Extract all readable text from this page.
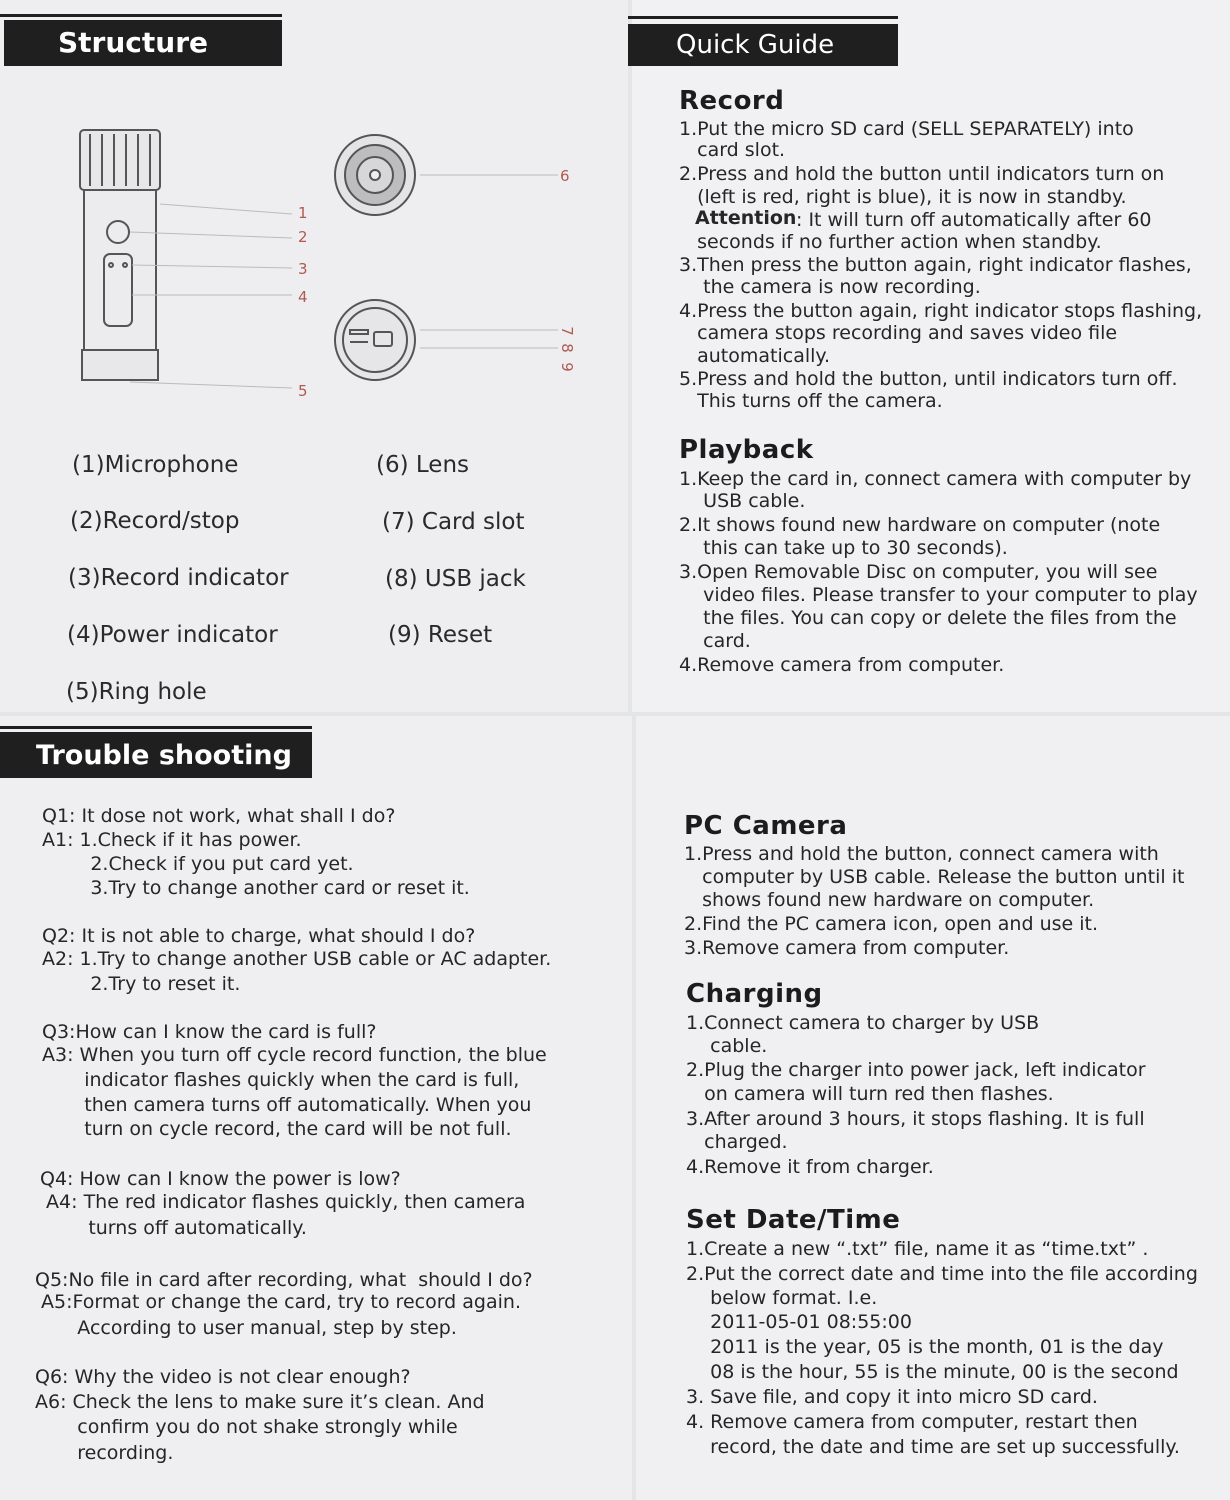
Structure
1
2
3
4
5
6
7
8
9
(1)Microphone
(2)Record/stop
(3)Record indicator
(4)Power indicator
(5)Ring hole
(6) Lens
(7) Card slot
(8) USB jack
(9) Reset
Quick Guide
Record
1.Put the micro SD card (SELL SEPARATELY) into
card slot.
2.Press and hold the button until indicators turn on
(left is red, right is blue), it is now in standby.
Attention : It will turn off automatically after 60
seconds if no further action when standby.
3.Then press the button again, right indicator flashes,
the camera is now recording.
4.Press the button again, right indicator stops flashing,
camera stops recording and saves video file
automatically.
5.Press and hold the button, until indicators turn off.
This turns off the camera.
Playback
1.Keep the card in, connect camera with computer by
USB cable.
2.It shows found new hardware on computer (note
this can take up to 30 seconds).
3.Open Removable Disc on computer, you will see
video files. Please transfer to your computer to play
the files. You can copy or delete the files from the
card.
4.Remove camera from computer.
Trouble shooting
Q1: It dose not work, what shall I do?
A1: 1.Check if it has power.
2.Check if you put card yet.
3.Try to change another card or reset it.
Q2: It is not able to charge, what should I do?
A2: 1.Try to change another USB cable or AC adapter.
2.Try to reset it.
Q3:How can I know the card is full?
A3: When you turn off cycle record function, the blue
indicator flashes quickly when the card is full,
then camera turns off automatically. When you
turn on cycle record, the card will be not full.
Q4: How can I know the power is low?
A4: The red indicator flashes quickly, then camera
turns off automatically.
Q5:No file in card after recording, what  should I do?
A5:Format or change the card, try to record again.
According to user manual, step by step.
Q6: Why the video is not clear enough?
A6: Check the lens to make sure it’s clean. And
confirm you do not shake strongly while
recording.
PC Camera
1.Press and hold the button, connect camera with
computer by USB cable. Release the button until it
shows found new hardware on computer.
2.Find the PC camera icon, open and use it.
3.Remove camera from computer.
Charging
1.Connect camera to charger by USB
cable.
2.Plug the charger into power jack, left indicator
on camera will turn red then flashes.
3.After around 3 hours, it stops flashing. It is full
charged.
4.Remove it from charger.
Set Date/Time
1.Create a new “.txt” file, name it as “time.txt” .
2.Put the correct date and time into the file according
below format. I.e.
2011-05-01 08:55:00
2011 is the year, 05 is the month, 01 is the day
08 is the hour, 55 is the minute, 00 is the second
3. Save file, and copy it into micro SD card.
4. Remove camera from computer, restart then
record, the date and time are set up successfully.
